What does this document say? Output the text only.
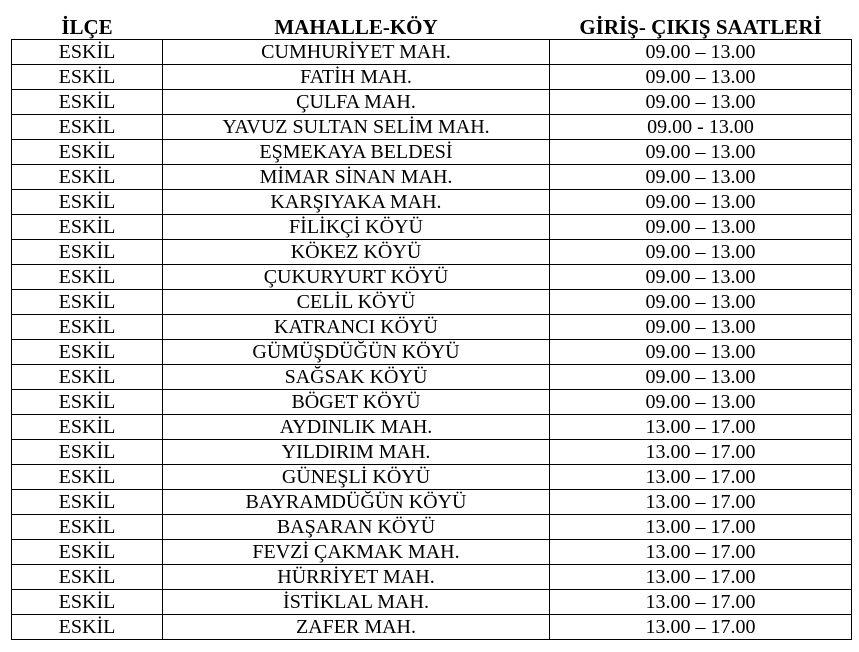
İLÇE	MAHALLE-KÖY	GİRİŞ- ÇIKIŞ SAATLERİ
ESKİL	CUMHURİYET MAH.	09.00 – 13.00
ESKİL	FATİH MAH.	09.00 – 13.00
ESKİL	ÇULFA MAH.	09.00 – 13.00
ESKİL	YAVUZ SULTAN SELİM MAH.	09.00 - 13.00
ESKİL	EŞMEKAYA BELDESİ	09.00 – 13.00
ESKİL	MİMAR SİNAN MAH.	09.00 – 13.00
ESKİL	KARŞIYAKA MAH.	09.00 – 13.00
ESKİL	FİLİKÇİ KÖYÜ	09.00 – 13.00
ESKİL	KÖKEZ KÖYÜ	09.00 – 13.00
ESKİL	ÇUKURYURT KÖYÜ	09.00 – 13.00
ESKİL	CELİL KÖYÜ	09.00 – 13.00
ESKİL	KATRANCI KÖYÜ	09.00 – 13.00
ESKİL	GÜMÜŞDÜĞÜN KÖYÜ	09.00 – 13.00
ESKİL	SAĞSAK KÖYÜ	09.00 – 13.00
ESKİL	BÖGET KÖYÜ	09.00 – 13.00
ESKİL	AYDINLIK MAH.	13.00 – 17.00
ESKİL	YILDIRIM MAH.	13.00 – 17.00
ESKİL	GÜNEŞLİ KÖYÜ	13.00 – 17.00
ESKİL	BAYRAMDÜĞÜN KÖYÜ	13.00 – 17.00
ESKİL	BAŞARAN KÖYÜ	13.00 – 17.00
ESKİL	FEVZİ ÇAKMAK MAH.	13.00 – 17.00
ESKİL	HÜRRİYET MAH.	13.00 – 17.00
ESKİL	İSTİKLAL MAH.	13.00 – 17.00
ESKİL	ZAFER MAH.	13.00 – 17.00
